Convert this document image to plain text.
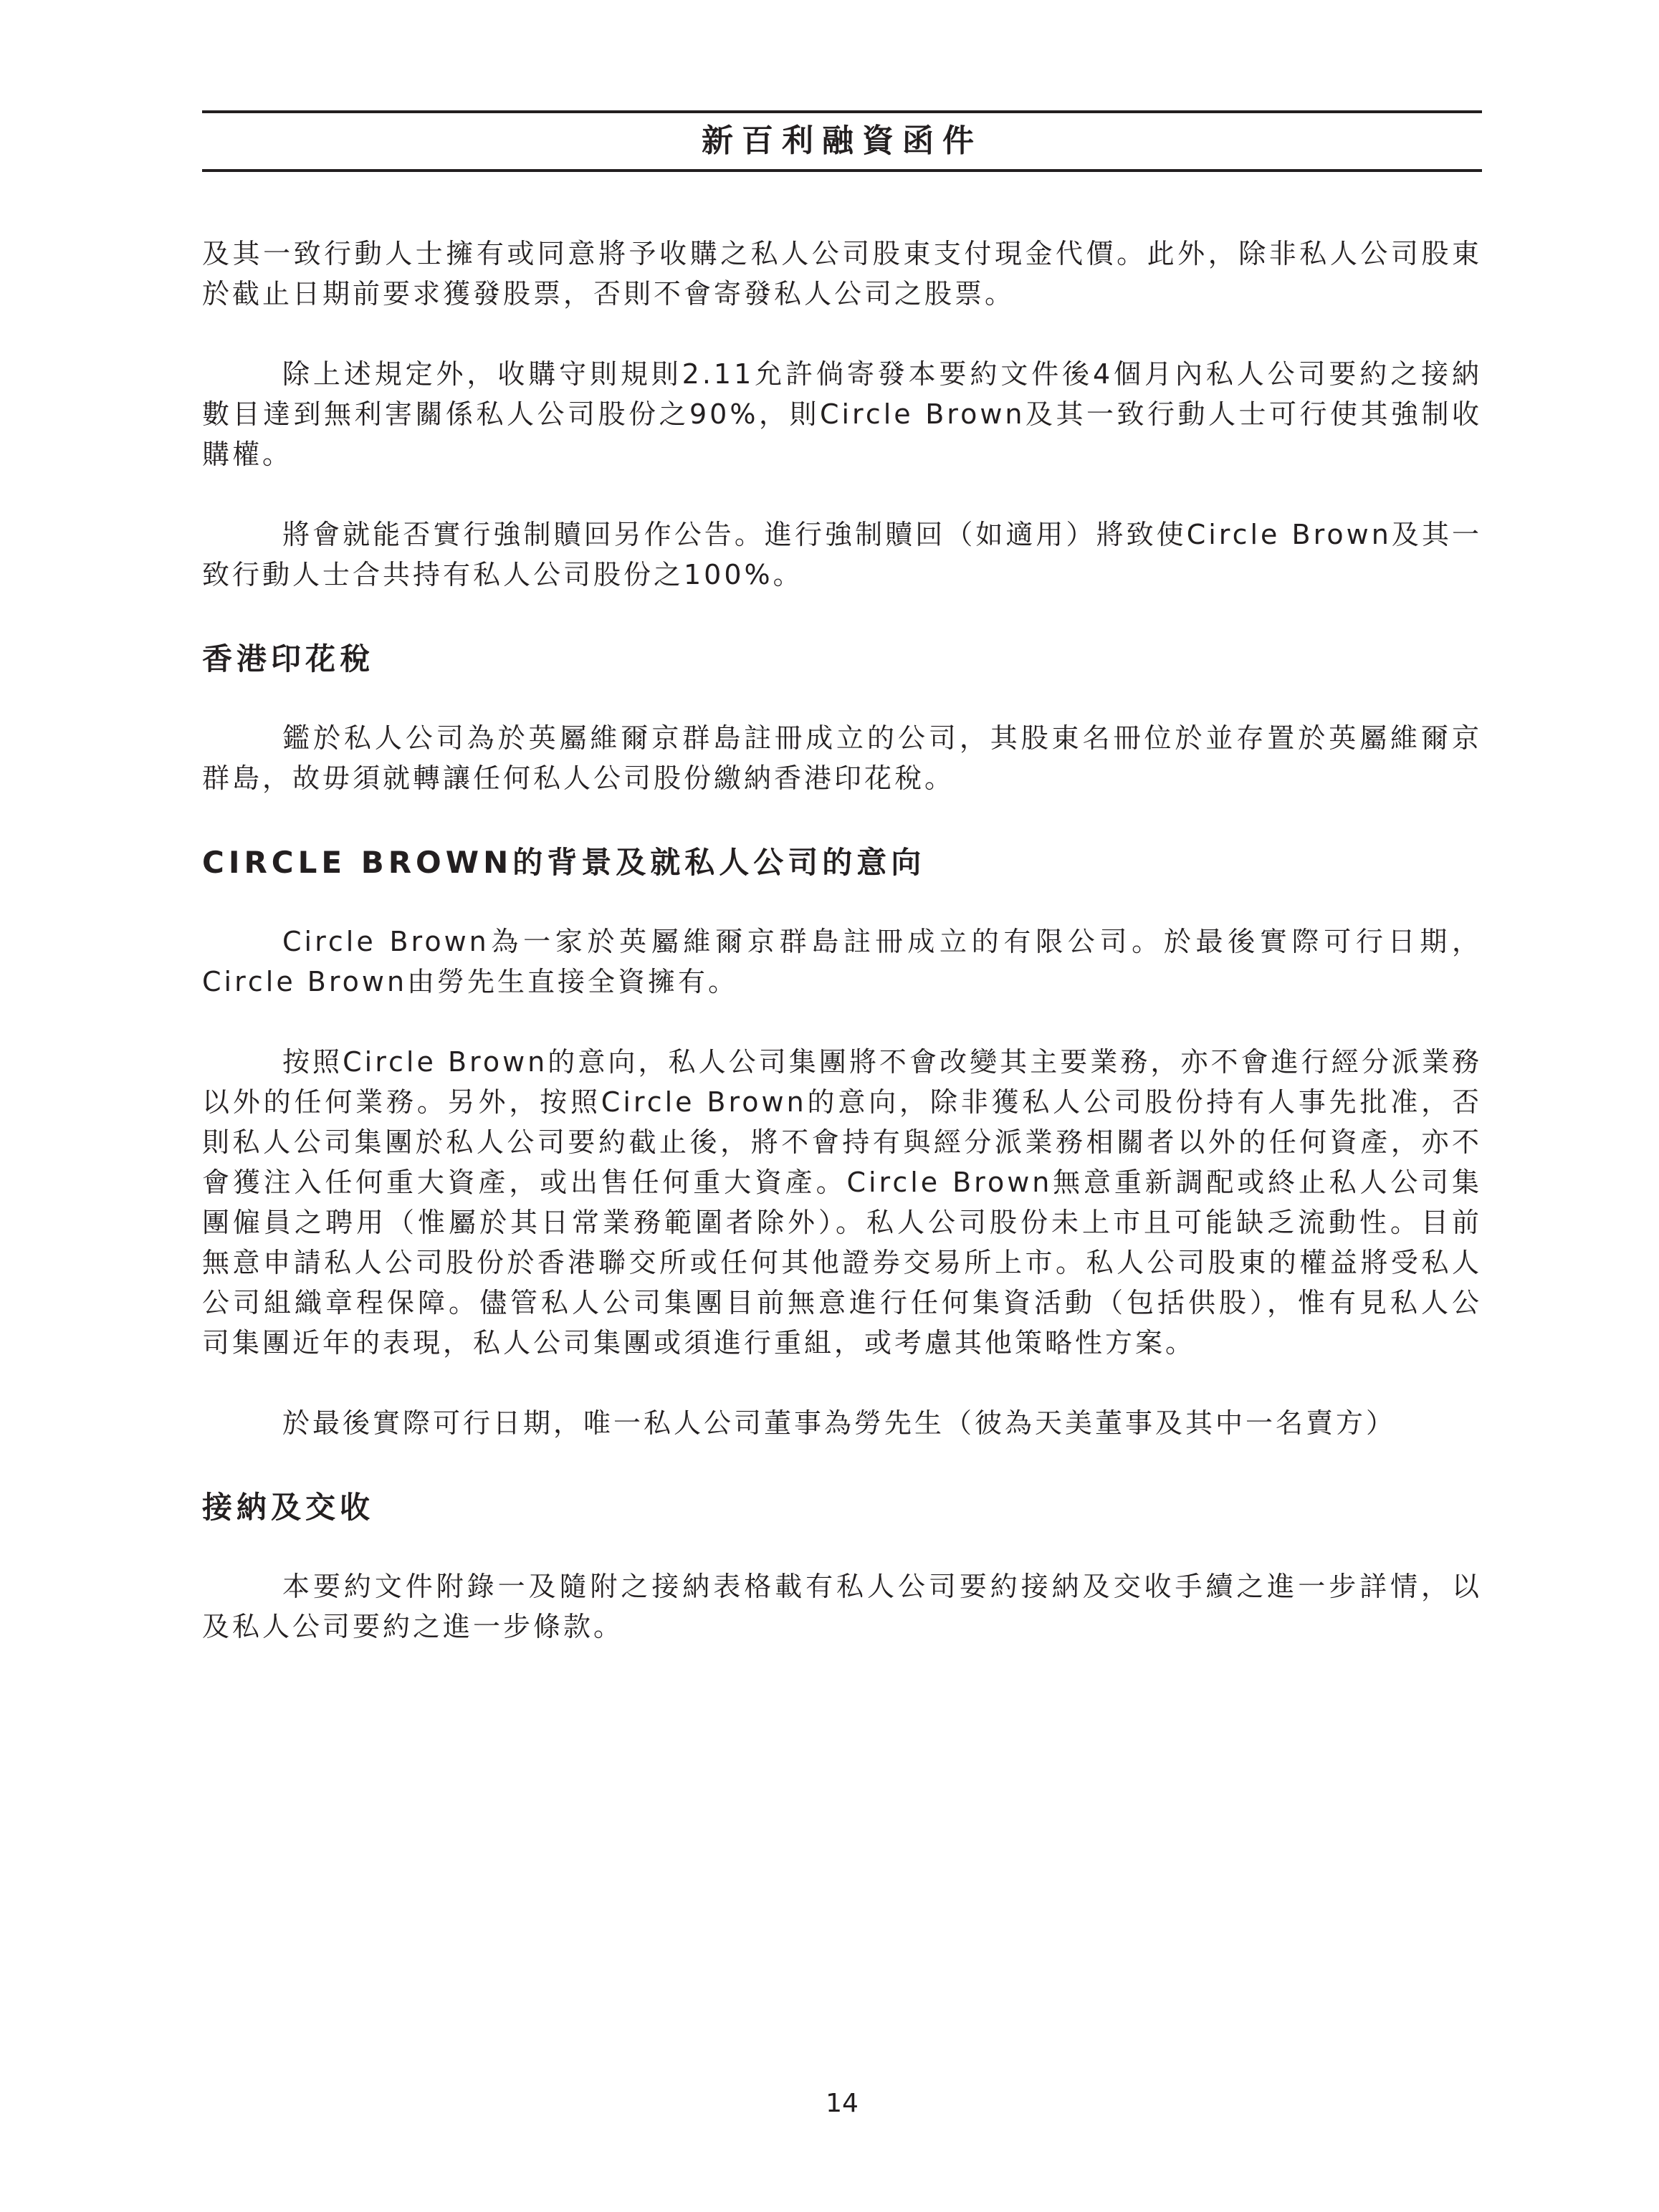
新百利融資函件

及其一致行動人士擁有或同意將予收購之私人公司股東支付現金代價。此外，除非私人公司股東於截止日期前要求獲發股票，否則不會寄發私人公司之股票。

除上述規定外，收購守則規則2.11允許倘寄發本要約文件後4個月內私人公司要約之接納數目達到無利害關係私人公司股份之90%，則Circle Brown及其一致行動人士可行使其強制收購權。

將會就能否實行強制贖回另作公告。進行強制贖回（如適用）將致使Circle Brown及其一致行動人士合共持有私人公司股份之100%。

香港印花稅

鑑於私人公司為於英屬維爾京群島註冊成立的公司，其股東名冊位於並存置於英屬維爾京群島，故毋須就轉讓任何私人公司股份繳納香港印花稅。

CIRCLE BROWN的背景及就私人公司的意向

Circle Brown為一家於英屬維爾京群島註冊成立的有限公司。於最後實際可行日期，Circle Brown由勞先生直接全資擁有。

按照Circle Brown的意向，私人公司集團將不會改變其主要業務，亦不會進行經分派業務以外的任何業務。另外，按照Circle Brown的意向，除非獲私人公司股份持有人事先批准，否則私人公司集團於私人公司要約截止後，將不會持有與經分派業務相關者以外的任何資產，亦不會獲注入任何重大資產，或出售任何重大資產。Circle Brown無意重新調配或終止私人公司集團僱員之聘用（惟屬於其日常業務範圍者除外）。私人公司股份未上市且可能缺乏流動性。目前無意申請私人公司股份於香港聯交所或任何其他證券交易所上市。私人公司股東的權益將受私人公司組織章程保障。儘管私人公司集團目前無意進行任何集資活動（包括供股），惟有見私人公司集團近年的表現，私人公司集團或須進行重組，或考慮其他策略性方案。

於最後實際可行日期，唯一私人公司董事為勞先生（彼為天美董事及其中一名賣方）

接納及交收

本要約文件附錄一及隨附之接納表格載有私人公司要約接納及交收手續之進一步詳情，以及私人公司要約之進一步條款。

14
